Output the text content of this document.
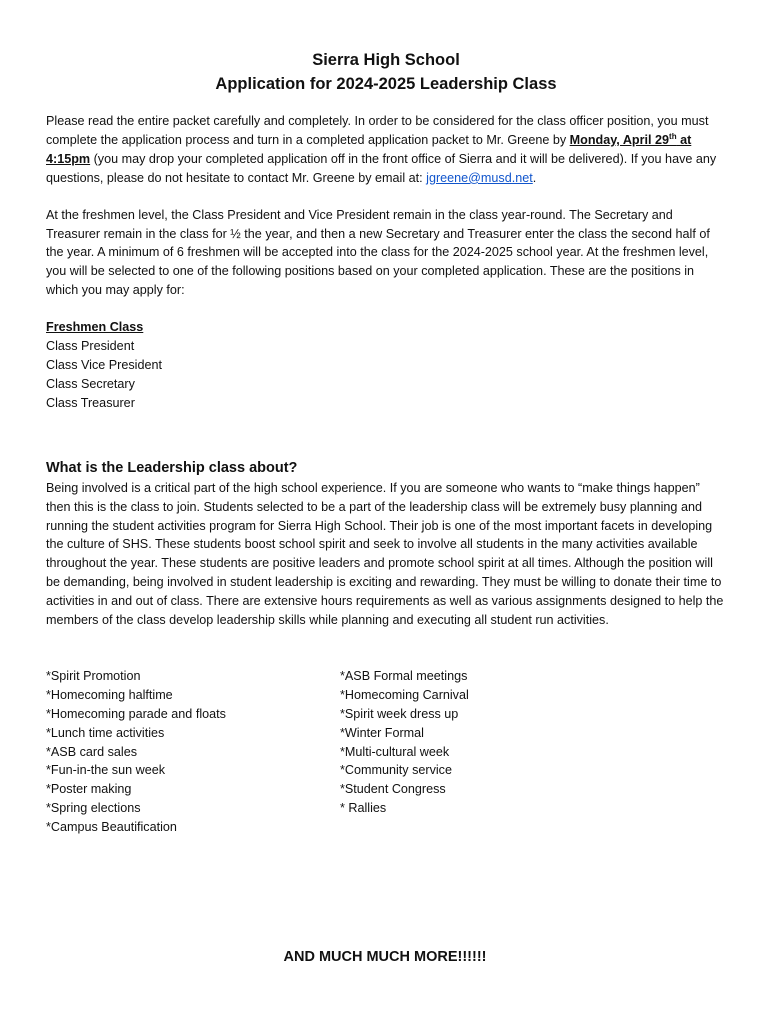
Sierra High School
Application for 2024-2025 Leadership Class

Please read the entire packet carefully and completely. In order to be considered for the class officer position, you must complete the application process and turn in a completed application packet to Mr. Greene by Monday, April 29th at 4:15pm (you may drop your completed application off in the front office of Sierra and it will be delivered). If you have any questions, please do not hesitate to contact Mr. Greene by email at: jgreene@musd.net.

At the freshmen level, the Class President and Vice President remain in the class year-round. The Secretary and Treasurer remain in the class for ½ the year, and then a new Secretary and Treasurer enter the class the second half of the year. A minimum of 6 freshmen will be accepted into the class for the 2024-2025 school year. At the freshmen level, you will be selected to one of the following positions based on your completed application. These are the positions in which you may apply for:

Freshmen Class
Class President
Class Vice President
Class Secretary
Class Treasurer
What is the Leadership class about?

Being involved is a critical part of the high school experience. If you are someone who wants to “make things happen” then this is the class to join. Students selected to be a part of the leadership class will be extremely busy planning and running the student activities program for Sierra High School. Their job is one of the most important facets in developing the culture of SHS. These students boost school spirit and seek to involve all students in the many activities available throughout the year. These students are positive leaders and promote school spirit at all times. Although the position will be demanding, being involved in student leadership is exciting and rewarding. They must be willing to donate their time to activities in and out of class. There are extensive hours requirements as well as various assignments designed to help the members of the class develop leadership skills while planning and executing all student run activities.

*Spirit Promotion
*Homecoming halftime
*Homecoming parade and floats
*Lunch time activities
*ASB card sales
*Fun-in-the sun week
*Poster making
*Spring elections
*Campus Beautification
*ASB Formal meetings
*Homecoming Carnival
*Spirit week dress up
*Winter Formal
*Multi-cultural week
*Community service
*Student Congress
* Rallies
AND MUCH MUCH MORE!!!!!!
